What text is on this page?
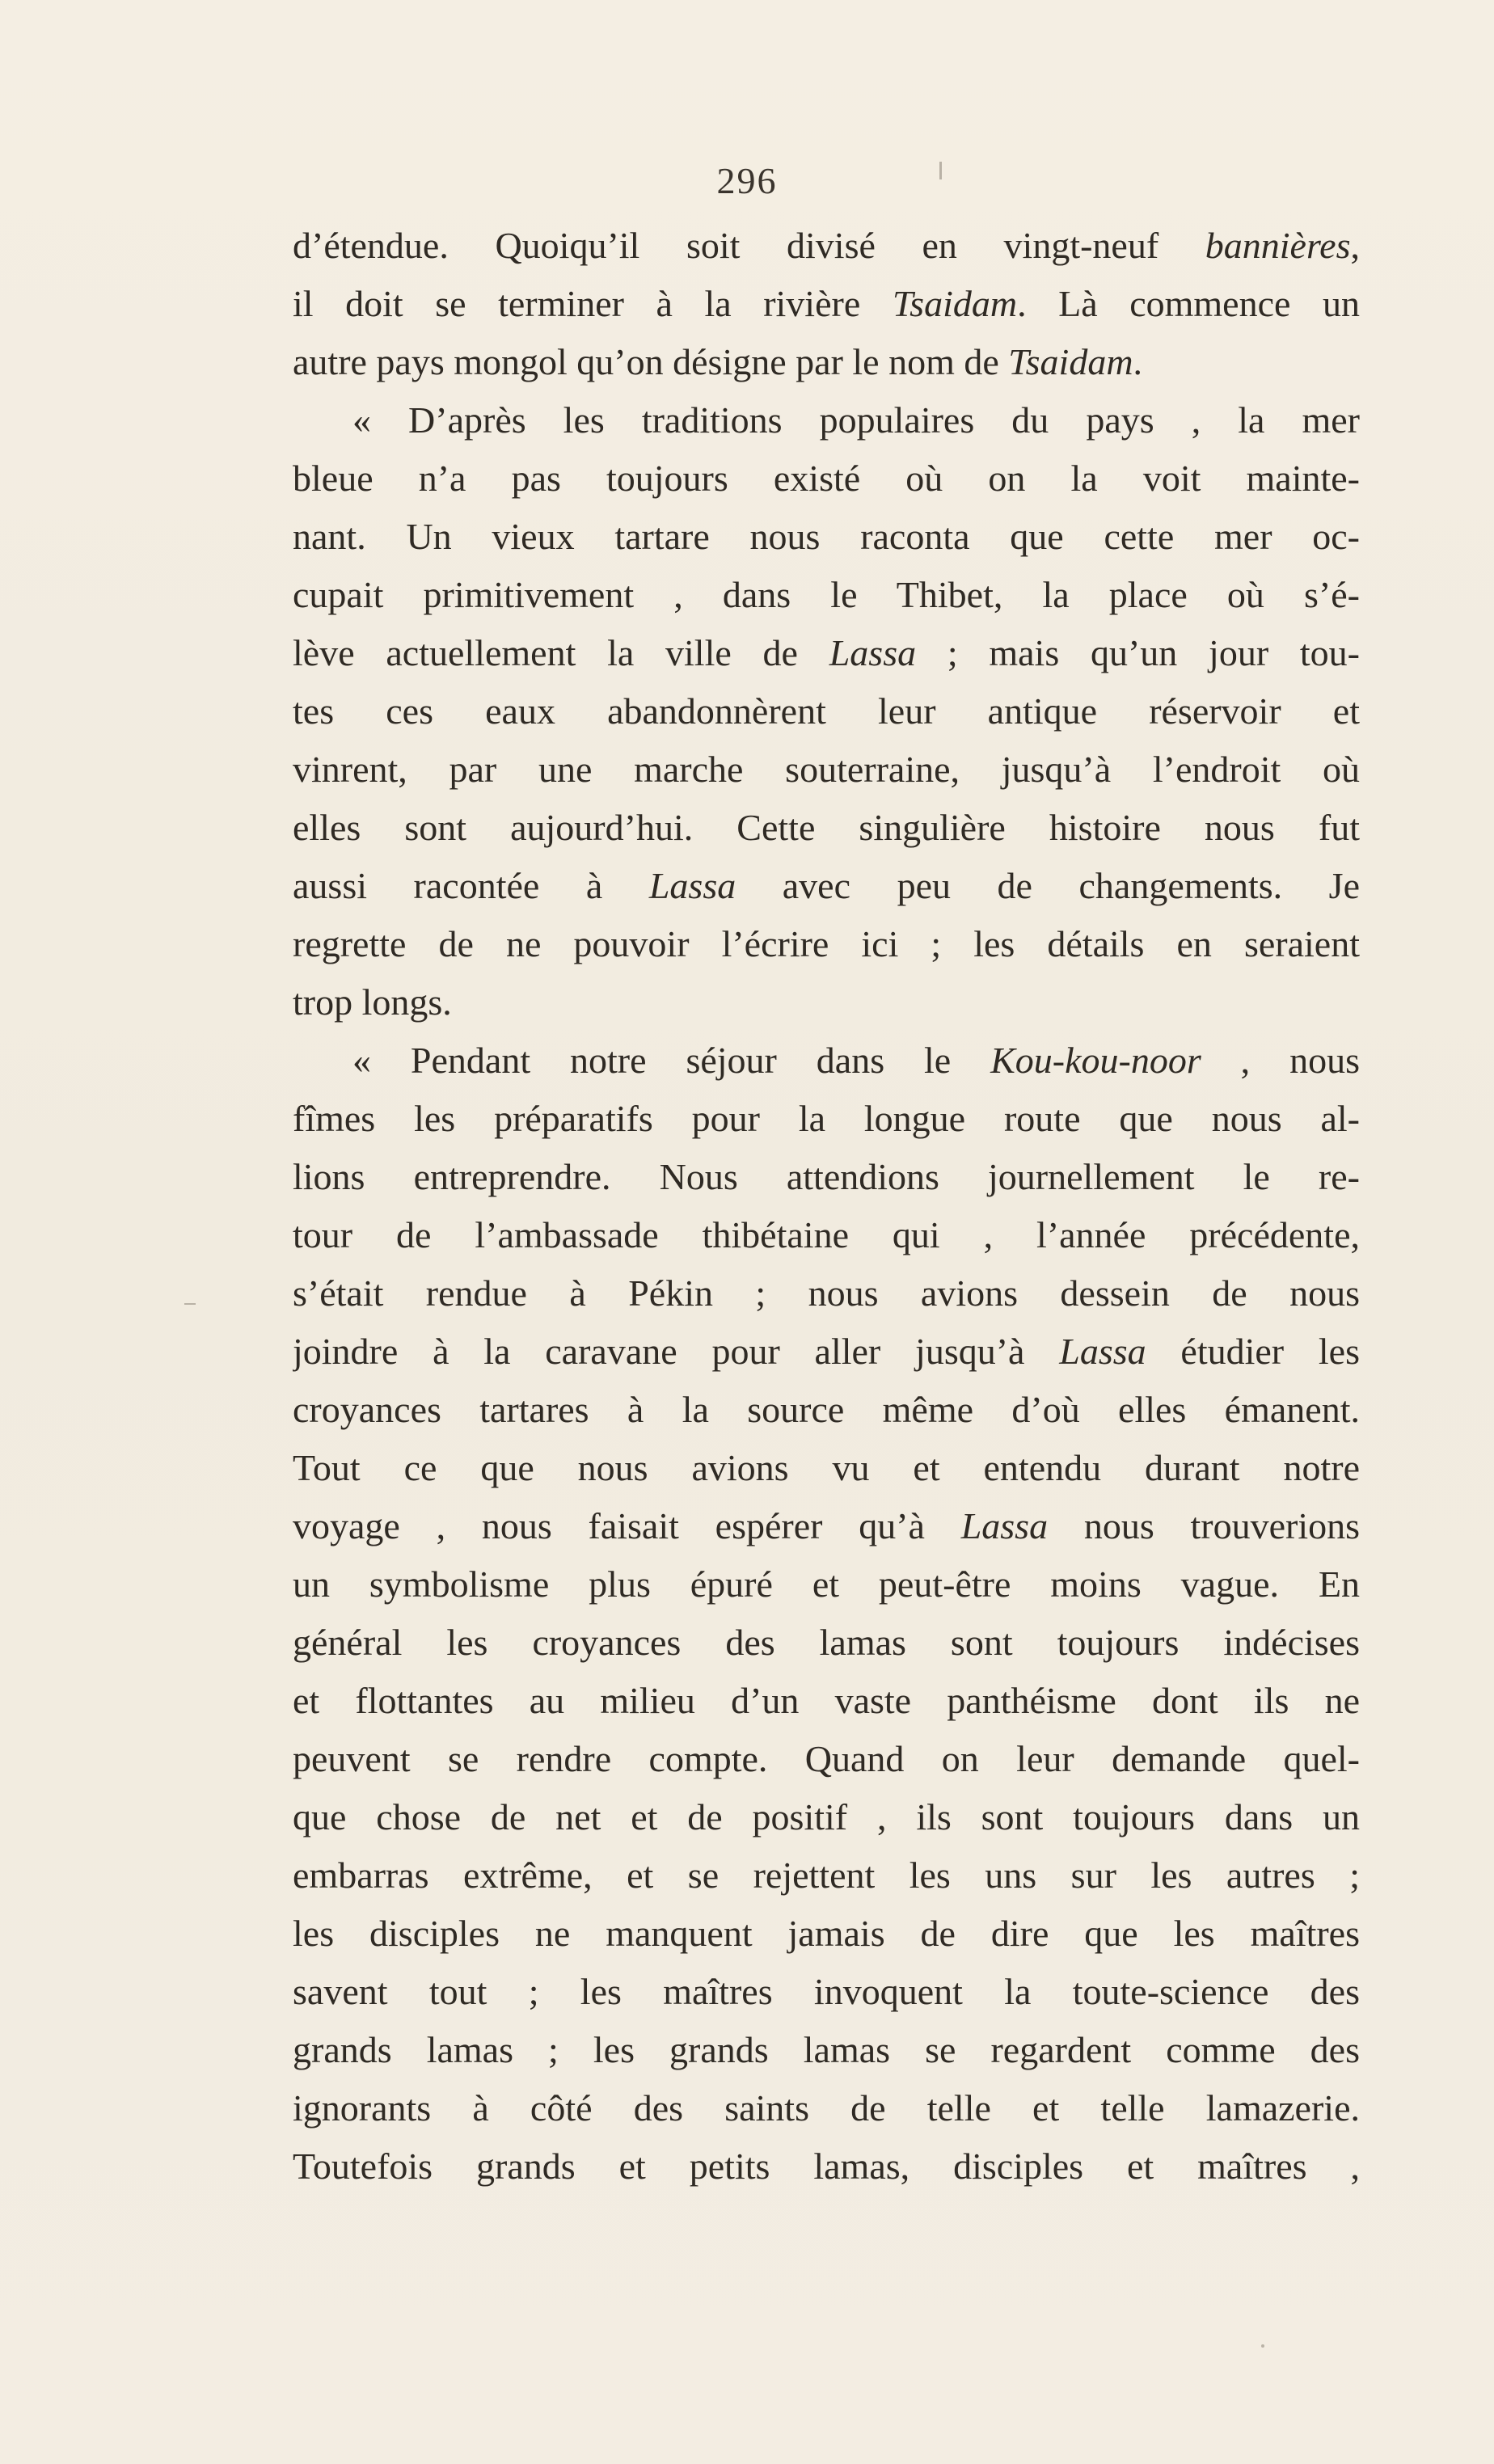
296
d’étendue. Quoiqu’il soit divisé en vingt-neuf bannières,
il doit se terminer à la rivière Tsaidam. Là commence un
autre pays mongol qu’on désigne par le nom de Tsaidam.
« D’après les traditions populaires du pays , la mer
bleue n’a pas toujours existé où on la voit mainte-
nant. Un vieux tartare nous raconta que cette mer oc-
cupait primitivement , dans le Thibet, la place où s’é-
lève actuellement la ville de Lassa ; mais qu’un jour tou-
tes ces eaux abandonnèrent leur antique réservoir et
vinrent, par une marche souterraine, jusqu’à l’endroit où
elles sont aujourd’hui. Cette singulière histoire nous fut
aussi racontée à Lassa avec peu de changements. Je
regrette de ne pouvoir l’écrire ici ; les détails en seraient
trop longs.
« Pendant notre séjour dans le Kou-kou-noor , nous
fîmes les préparatifs pour la longue route que nous al-
lions entreprendre. Nous attendions journellement le re-
tour de l’ambassade thibétaine qui , l’année précédente,
s’était rendue à Pékin ; nous avions dessein de nous
joindre à la caravane pour aller jusqu’à Lassa étudier les
croyances tartares à la source même d’où elles émanent.
Tout ce que nous avions vu et entendu durant notre
voyage , nous faisait espérer qu’à Lassa nous trouverions
un symbolisme plus épuré et peut-être moins vague. En
général les croyances des lamas sont toujours indécises
et flottantes au milieu d’un vaste panthéisme dont ils ne
peuvent se rendre compte. Quand on leur demande quel-
que chose de net et de positif , ils sont toujours dans un
embarras extrême, et se rejettent les uns sur les autres ;
les disciples ne manquent jamais de dire que les maîtres
savent tout ; les maîtres invoquent la toute-science des
grands lamas ; les grands lamas se regardent comme des
ignorants à côté des saints de telle et telle lamazerie.
Toutefois grands et petits lamas, disciples et maîtres ,
